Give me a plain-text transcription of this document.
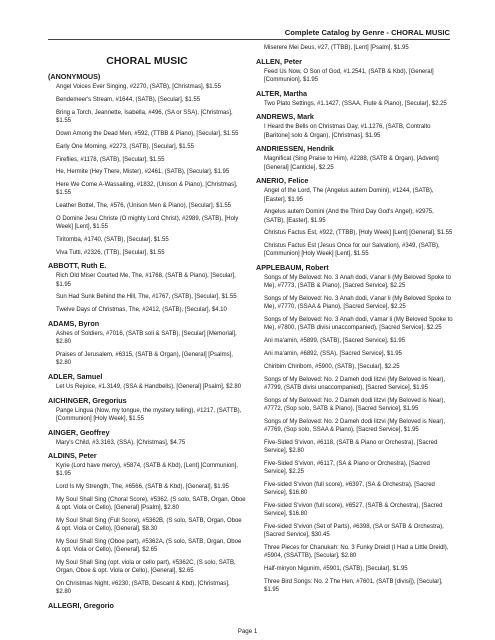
Complete Catalog by Genre - CHORAL MUSIC
CHORAL MUSIC
(ANONYMOUS)
Angel Voices Ever Singing, #2270, (SATB), [Christmas], $1.55
Bendemeer's Stream, #1644, (SATB), [Secular], $1.55
Bring a Torch, Jeannette, Isabella, #496, (SA or SSA), [Christmas], $1.55
Down Among the Dead Men, #592, (TTBB & Piano), [Secular], $1.55
Early One Morning, #2273, (SATB), [Secular], $1.55
Fireflies, #1178, (SATB), [Secular], $1.55
He, Hermite (Hey There, Mister), #2461, (SATB), [Secular], $1.95
Here We Come A-Wassailing, #1832, (Unison & Piano), [Christmas], $1.55
Leather Bottel, The, #576, (Unison Men & Piano), [Secular], $1.55
O Domine Jesu Christe (O mighty Lord Christ), #2989, (SATB), [Holy Week] [Lent], $1.55
Tiritomba, #1740, (SATB), [Secular], $1.55
Viva Tutti, #2326, (TTB), [Secular], $1.55
ABBOTT, Ruth E.
Rich Old Miser Courted Me, The, #1768, (SATB & Piano), [Secular], $1.95
Sun Had Sunk Behind the Hill, The, #1767, (SATB), [Secular], $1.55
Twelve Days of Christmas, The, #2412, (SATB), [Secular], $4.10
ADAMS, Byron
Ashes of Soldiers, #7016, (SATB soli & SATB), [Secular] [Memorial], $2.80
Praises of Jerusalem, #6315, (SATB & Organ), [General] [Psalms], $2.80
ADLER, Samuel
Let Us Rejoice, #1.3149, (SSA & Handbells), [General] [Psalm], $2.80
AICHINGER, Gregorius
Pange Lingua (Now, my tongue, the mystery telling), #1217, (SATTB), [Communion] [Holy Week], $1.55
AINGER, Geoffrey
Mary's Child, #3.3163, (SSA), [Christmas], $4.75
ALDINS, Peter
Kyrie (Lord have mercy), #5874, (SATB & Kbd), [Lent] [Communion], $1.95
Lord Is My Strength, The, #6566, (SATB & Kbd), [General], $1.95
My Soul Shall Sing (Choral Score), #5362, (S solo, SATB, Organ, Oboe & opt. Viola or Cello), [General] [Psalm], $2.80
My Soul Shall Sing (Full Score), #5362B, (S solo, SATB, Organ, Oboe & opt. Viola or Cello), [General], $8.30
My Soul Shall Sing (Oboe part), #5362A, (S solo, SATB, Organ, Oboe & opt. Viola or Cello), [General], $2.65
My Soul Shall Sing (opt. viola or cello part), #5362C, (S solo, SATB, Organ, Oboe & opt. Viola or Cello), [General], $2.65
On Christmas Night, #6230, (SATB, Descant & Kbd), [Christmas], $2.80
ALLEGRI, Gregorio
Miserere Mei Deus, #27, (TTBB), [Lent] [Psalm], $1.95
ALLEN, Peter
Feed Us Now, O Son of God, #1.2541, (SATB & Kbd), [General] [Communion], $1.95
ALTER, Martha
Two Plato Settings, #1.1427, (SSAA, Flute & Piano), [Secular], $2.25
ANDREWS, Mark
I Heard the Bells on Christmas Day, #1.1276, (SATB, Contralto [Baritone] solo & Organ), [Christmas], $1.95
ANDRIESSEN, Hendrik
Magnificat (Sing Praise to Him), #2288, (SATB & Organ), [Advent] [General] [Canticle], $2.25
ANERIO, Felice
Angel of the Lord, The (Angelus autem Domini), #1244, (SATB), [Easter], $1.95
Angelus autem Domini (And the Third Day God's Angel), #2975, (SATB), [Easter], $1.95
Christus Factus Est, #922, (TTBB), [Holy Week] [Lent] [General], $1.55
Christus Factus Est (Jesus Once for our Salvation), #349, (SATB), [Communion] [Holy Week] [Lent], $1.55
APPLEBAUM, Robert
Songs of My Beloved: No. 3 Anah dodi, v'anar li (My Beloved Spoke to Me), #7773, (SATB & Piano), [Sacred Service], $2.25
Songs of My Beloved: No. 3 Anah dodi, v'anar li (My Beloved Spoke to Me), #7770, (SSAA & Piano), [Sacred Service], $2.25
Songs of My Beloved: No. 3 Anah dodi, v'amar li (My Beloved Spoke to Me), #7800, (SATB divisi unaccompanied), [Sacred Service], $2.25
Ani ma'amin, #5899, (SATB), [Sacred Service], $1.95
Ani ma'amin, #6892, (SSA), [Sacred Service], $1.95
Chiribim Chiribom, #5900, (SATB), [Secular], $2.25
Songs of My Beloved: No. 2 Dameh dodi litzvi (My Beloved is Near), #7799, (SATB divisi unaccompanied), [Sacred Service], $1.95
Songs of My Beloved: No. 2 Dameh dodi litzvi (My Beloved is Near), #7772, (Sop solo, SATB & Piano), [Sacred Service], $1.95
Songs of My Beloved: No. 2 Dameh dodi litzvi (My Beloved is Near), #7769, (Sop solo, SSAA & Piano), [Sacred Service], $1.95
Five-Sided S'vivon, #6118, (SATB & Piano or Orchestra), [Sacred Service], $2.80
Five-Sided S'vivon, #6117, (SA & Piano or Orchestra), [Sacred Service], $2.25
Five-sided S'vivon (full score), #6397, (SA & Orchestra), [Sacred Service], $16.80
Five-sided S'vivon (full score), #6527, (SATB & Orchestra), [Sacred Service], $16.80
Five-sided S'vivon (Set of Parts), #6398, (SA or SATB & Orchestra), [Sacred Service], $30.45
Three Pieces for Chanukah: No. 3 Funky Dreidl (I Had a Little Dreidl), #5904, (SSATTB), [Secular], $2.80
Half-minyon Nigunim, #5901, (SATB), [Secular], $1.95
Three Bird Songs: No. 2 The Hen, #7601, (SATB [divisi]), [Secular], $1.95
Page 1
